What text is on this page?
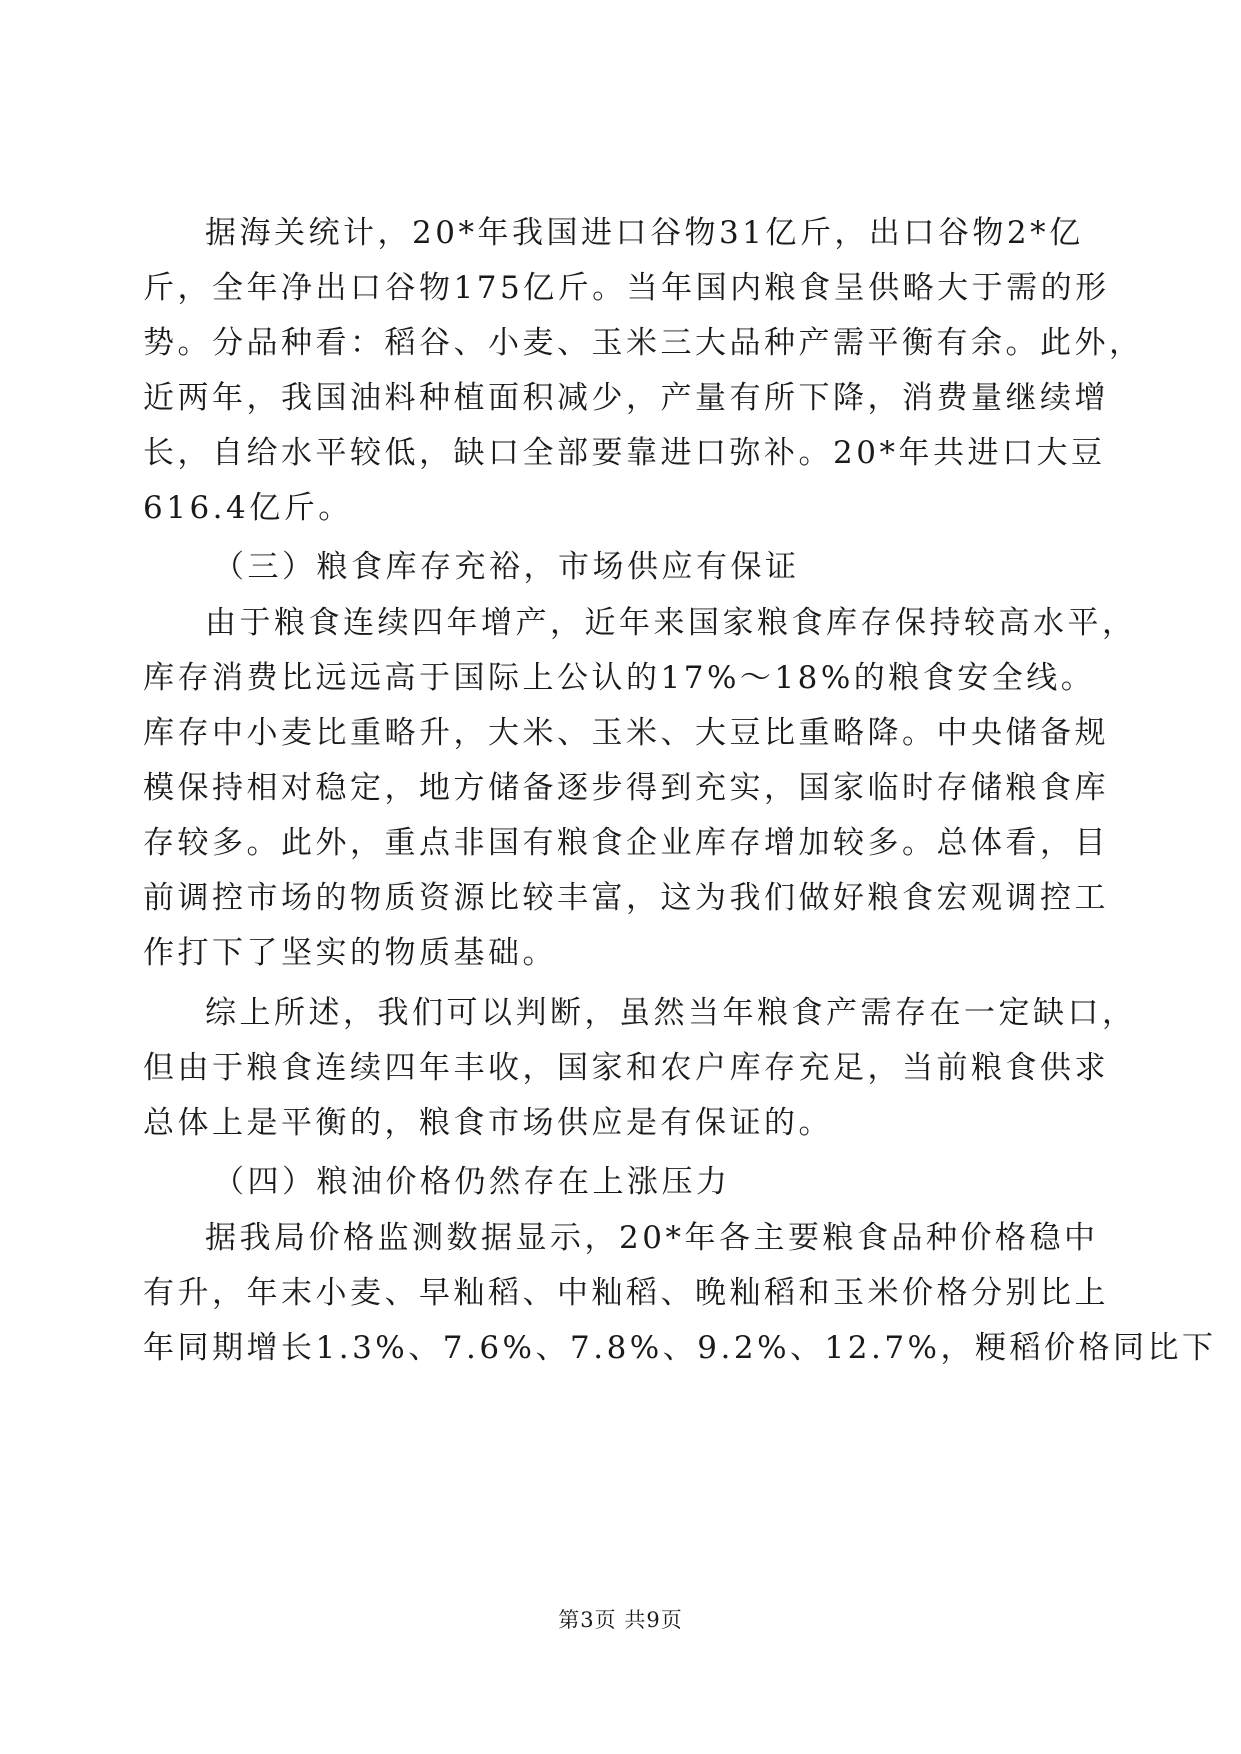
据海关统计，20*年我国进口谷物31亿斤，出口谷物2*亿
斤，全年净出口谷物175亿斤。当年国内粮食呈供略大于需的形
势。分品种看：稻谷、小麦、玉米三大品种产需平衡有余。此外，
近两年，我国油料种植面积减少，产量有所下降，消费量继续增
长，自给水平较低，缺口全部要靠进口弥补。20*年共进口大豆
616.4亿斤。
（三）粮食库存充裕，市场供应有保证
由于粮食连续四年增产，近年来国家粮食库存保持较高水平，
库存消费比远远高于国际上公认的17%～18%的粮食安全线。
库存中小麦比重略升，大米、玉米、大豆比重略降。中央储备规
模保持相对稳定，地方储备逐步得到充实，国家临时存储粮食库
存较多。此外，重点非国有粮食企业库存增加较多。总体看，目
前调控市场的物质资源比较丰富，这为我们做好粮食宏观调控工
作打下了坚实的物质基础。
综上所述，我们可以判断，虽然当年粮食产需存在一定缺口，
但由于粮食连续四年丰收，国家和农户库存充足，当前粮食供求
总体上是平衡的，粮食市场供应是有保证的。
（四）粮油价格仍然存在上涨压力
据我局价格监测数据显示，20*年各主要粮食品种价格稳中
有升，年末小麦、早籼稻、中籼稻、晚籼稻和玉米价格分别比上
年同期增长1.3%、7.6%、7.8%、9.2%、12.7%，粳稻价格同比下
第3页 共9页
